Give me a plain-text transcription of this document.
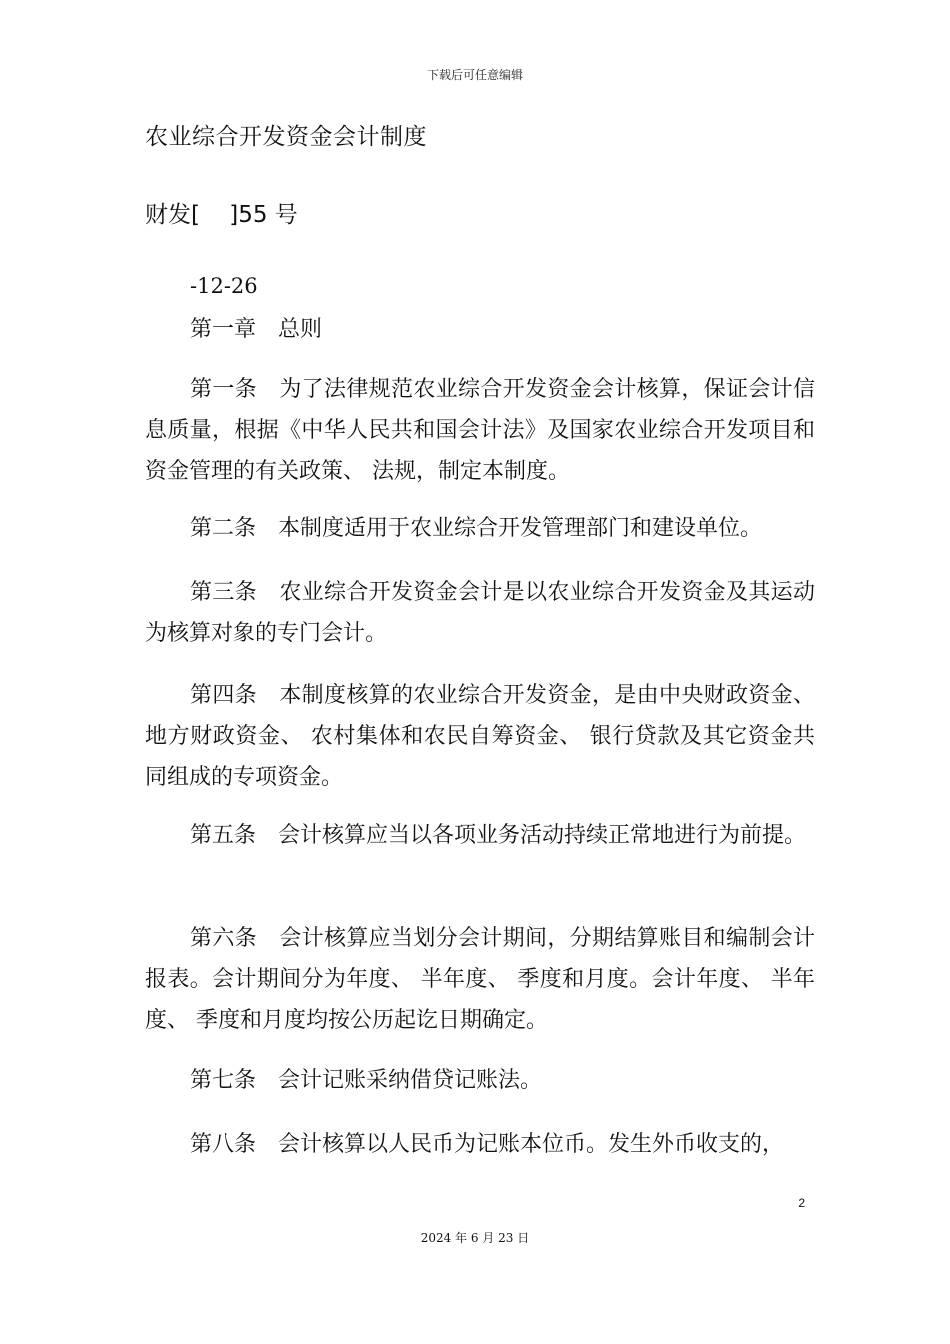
下载后可任意编辑
农业综合开发资金会计制度
财发[    ]55 号
-12-26
第一章　总则
第一条　为了法律规范农业综合开发资金会计核算，保证会计信息质量，根据《中华人民共和国会计法》及国家农业综合开发项目和资金管理的有关政策、 法规，制定本制度。
第二条　本制度适用于农业综合开发管理部门和建设单位。
第三条　农业综合开发资金会计是以农业综合开发资金及其运动为核算对象的专门会计。
第四条　本制度核算的农业综合开发资金，是由中央财政资金、 地方财政资金、 农村集体和农民自筹资金、 银行贷款及其它资金共同组成的专项资金。
第五条　会计核算应当以各项业务活动持续正常地进行为前提。
第六条　会计核算应当划分会计期间，分期结算账目和编制会计报表。会计期间分为年度、 半年度、 季度和月度。会计年度、 半年度、 季度和月度均按公历起讫日期确定。
第七条　会计记账采纳借贷记账法。
第八条　会计核算以人民币为记账本位币。发生外币收支的，
2
2024 年 6 月 23 日
